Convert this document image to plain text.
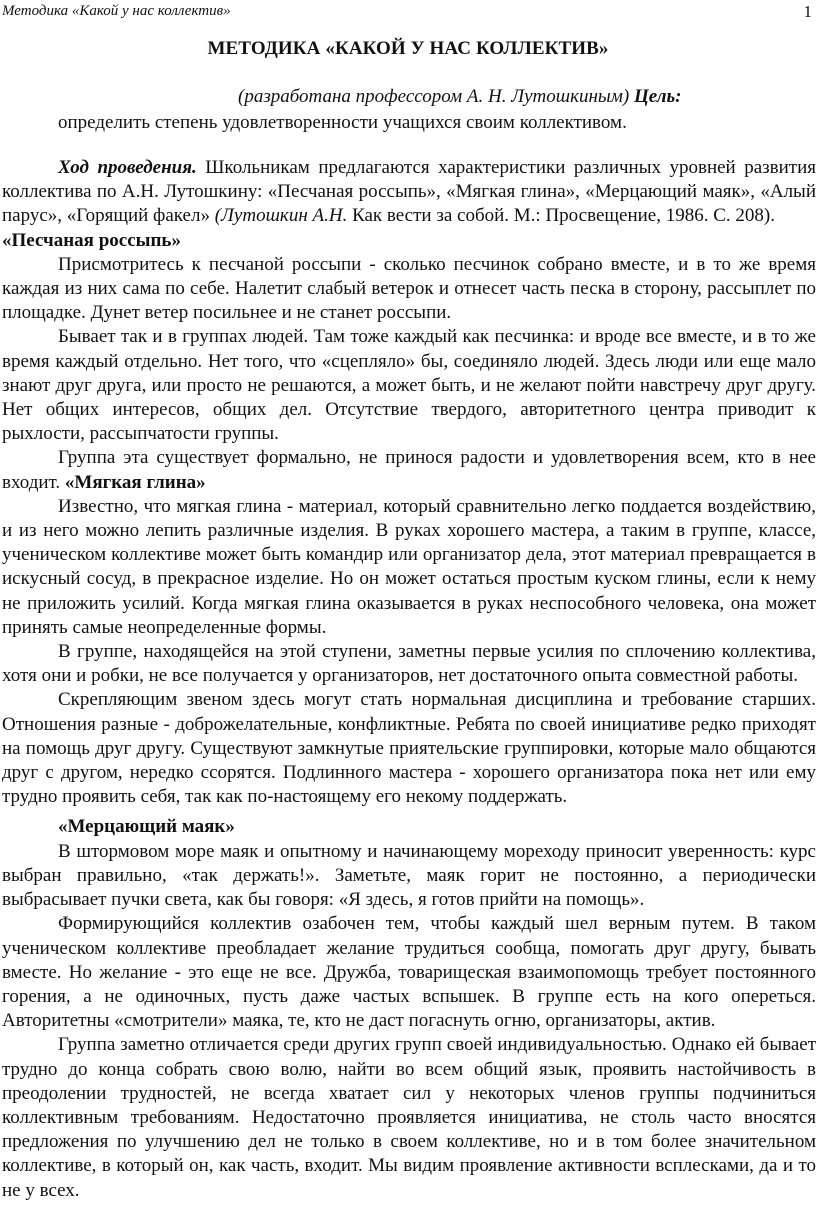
Методика «Какой у нас коллектив»	1
МЕТОДИКА «КАКОЙ У НАС КОЛЛЕКТИВ»
(разработана профессором А. Н. Лутошкиным) Цель:
определить степень удовлетворенности учащихся своим коллективом.

Ход проведения. Школьникам предлагаются характеристики различных уровней развития коллектива по А.Н. Лутошкину: «Песчаная россыпь», «Мягкая глина», «Мерцающий маяк», «Алый парус», «Горящий факел» (Лутошкин А.Н. Как вести за собой. М.: Просвещение, 1986. С. 208).

«Песчаная россыпь»

Присмотритесь к песчаной россыпи - сколько песчинок собрано вместе, и в то же время каждая из них сама по себе. Налетит слабый ветерок и отнесет часть песка в сторону, рассыплет по площадке. Дунет ветер посильнее и не станет россыпи.

Бывает так и в группах людей. Там тоже каждый как песчинка: и вроде все вместе, и в то же время каждый отдельно. Нет того, что «сцепляло» бы, соединяло людей. Здесь люди или еще мало знают друг друга, или просто не решаются, а может быть, и не желают пойти навстречу друг другу. Нет общих интересов, общих дел. Отсутствие твердого, авторитетного центра приводит к рыхлости, рассыпчатости группы.

Группа эта существует формально, не принося радости и удовлетворения всем, кто в нее входит. «Мягкая глина»

Известно, что мягкая глина - материал, который сравнительно легко поддается воздействию, и из него можно лепить различные изделия. В руках хорошего мастера, а таким в группе, классе, ученическом коллективе может быть командир или организатор дела, этот материал превращается в искусный сосуд, в прекрасное изделие. Но он может остаться простым куском глины, если к нему не приложить усилий. Когда мягкая глина оказывается в руках неспособного человека, она может принять самые неопределенные формы.

В группе, находящейся на этой ступени, заметны первые усилия по сплочению коллектива, хотя они и робки, не все получается у организаторов, нет достаточного опыта совместной работы.

Скрепляющим звеном здесь могут стать нормальная дисциплина и требование старших. Отношения разные - доброжелательные, конфликтные. Ребята по своей инициативе редко приходят на помощь друг другу. Существуют замкнутые приятельские группировки, которые мало общаются друг с другом, нередко ссорятся. Подлинного мастера - хорошего организатора пока нет или ему трудно проявить себя, так как по-настоящему его некому поддержать.

«Мерцающий маяк»

В штормовом море маяк и опытному и начинающему мореходу приносит уверенность: курс выбран правильно, «так держать!». Заметьте, маяк горит не постоянно, а периодически выбрасывает пучки света, как бы говоря: «Я здесь, я готов прийти на помощь».

Формирующийся коллектив озабочен тем, чтобы каждый шел верным путем. В таком ученическом коллективе преобладает желание трудиться сообща, помогать друг другу, бывать вместе. Но желание - это еще не все. Дружба, товарищеская взаимопомощь требует постоянного горения, а не одиночных, пусть даже частых вспышек. В группе есть на кого опереться. Авторитетны «смотрители» маяка, те, кто не даст погаснуть огню, организаторы, актив.

Группа заметно отличается среди других групп своей индивидуальностью. Однако ей бывает трудно до конца собрать свою волю, найти во всем общий язык, проявить настойчивость в преодолении трудностей, не всегда хватает сил у некоторых членов группы подчиниться коллективным требованиям. Недостаточно проявляется инициатива, не столь часто вносятся предложения по улучшению дел не только в своем коллективе, но и в том более значительном коллективе, в который он, как часть, входит. Мы видим проявление активности всплесками, да и то не у всех.
